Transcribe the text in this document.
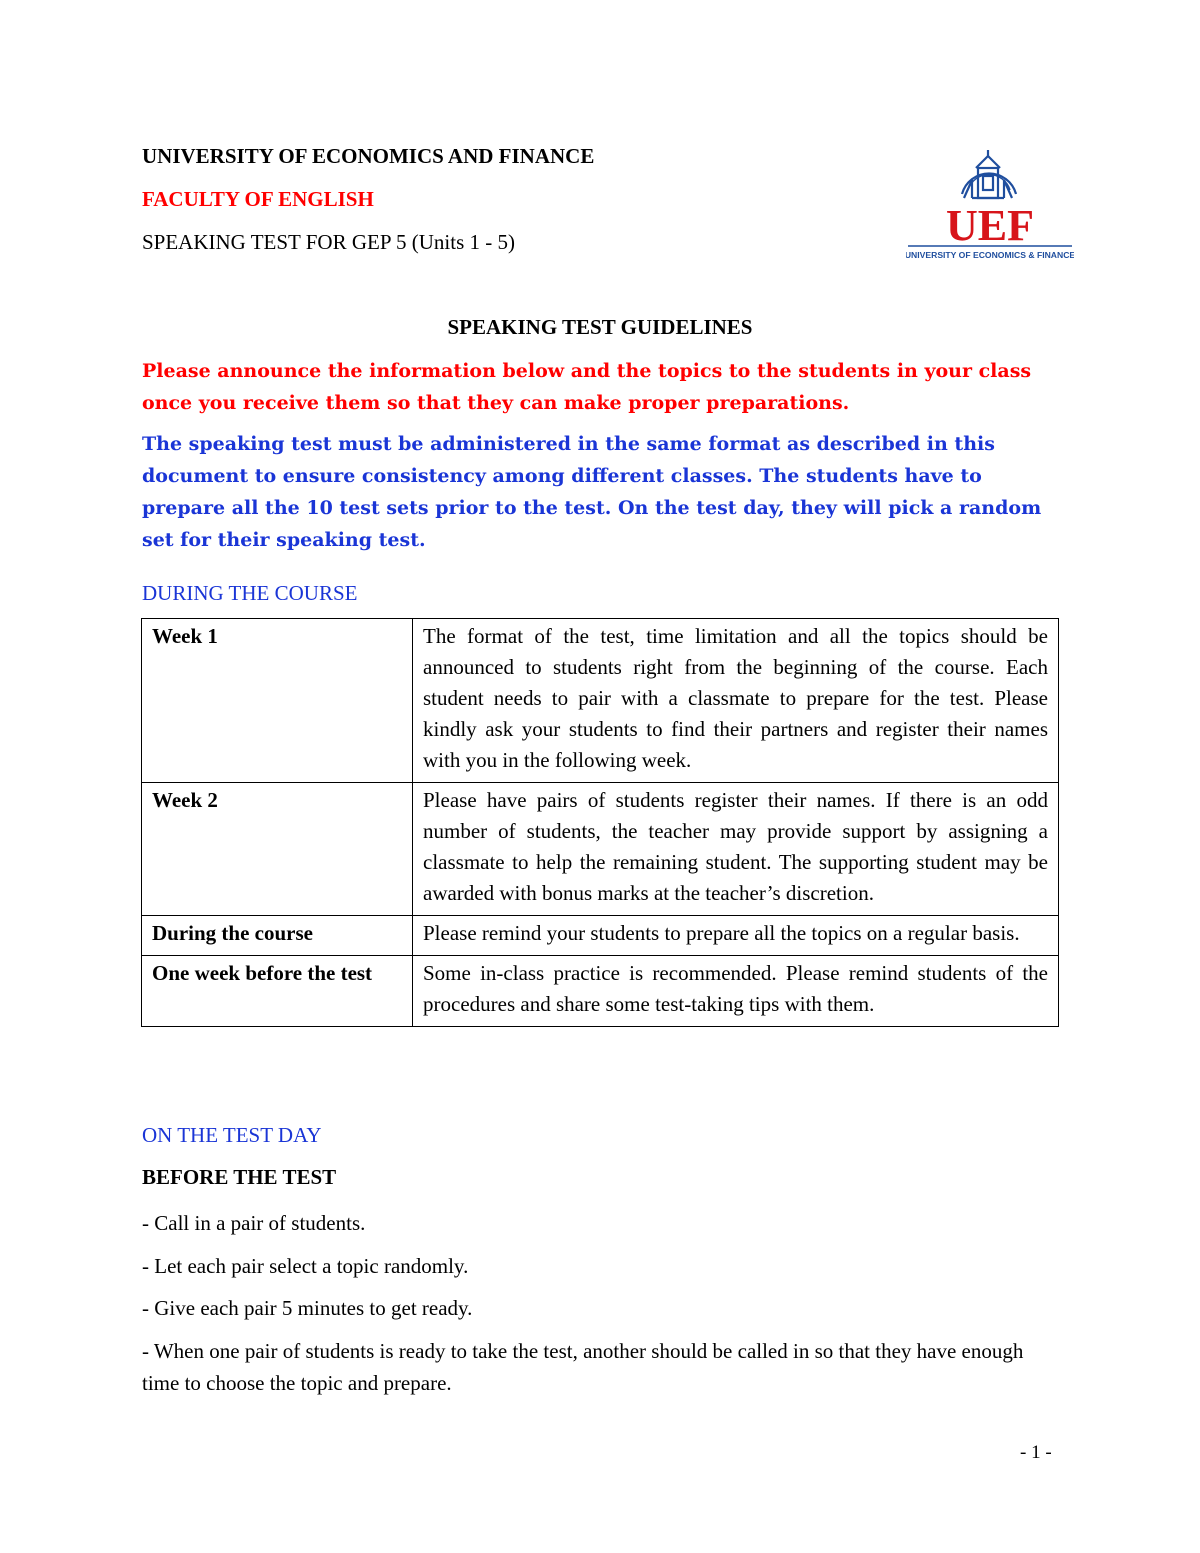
UNIVERSITY OF ECONOMICS AND FINANCE
FACULTY OF ENGLISH
SPEAKING TEST FOR GEP 5 (Units 1 - 5)	UEF
UNIVERSITY OF ECONOMICS & FINANCE
SPEAKING TEST GUIDELINES

Please announce the information below and the topics to the students in your class once you receive them so that they can make proper preparations.

The speaking test must be administered in the same format as described in this document to ensure consistency among different classes. The students have to prepare all the 10 test sets prior to the test. On the test day, they will pick a random set for their speaking test.

DURING THE COURSE
Week 1	The format of the test, time limitation and all the topics should be announced to students right from the beginning of the course. Each student needs to pair with a classmate to prepare for the test. Please kindly ask your students to find their partners and register their names with you in the following week.
Week 2	Please have pairs of students register their names. If there is an odd number of students, the teacher may provide support by assigning a classmate to help the remaining student. The supporting student may be awarded with bonus marks at the teacher’s discretion.
During the course	Please remind your students to prepare all the topics on a regular basis.
One week before the test	Some in-class practice is recommended. Please remind students of the procedures and share some test-taking tips with them.
ON THE TEST DAY
BEFORE THE TEST

- Call in a pair of students.

- Let each pair select a topic randomly.

- Give each pair 5 minutes to get ready.

- When one pair of students is ready to take the test, another should be called in so that they have enough time to choose the topic and prepare.

- 1 -
